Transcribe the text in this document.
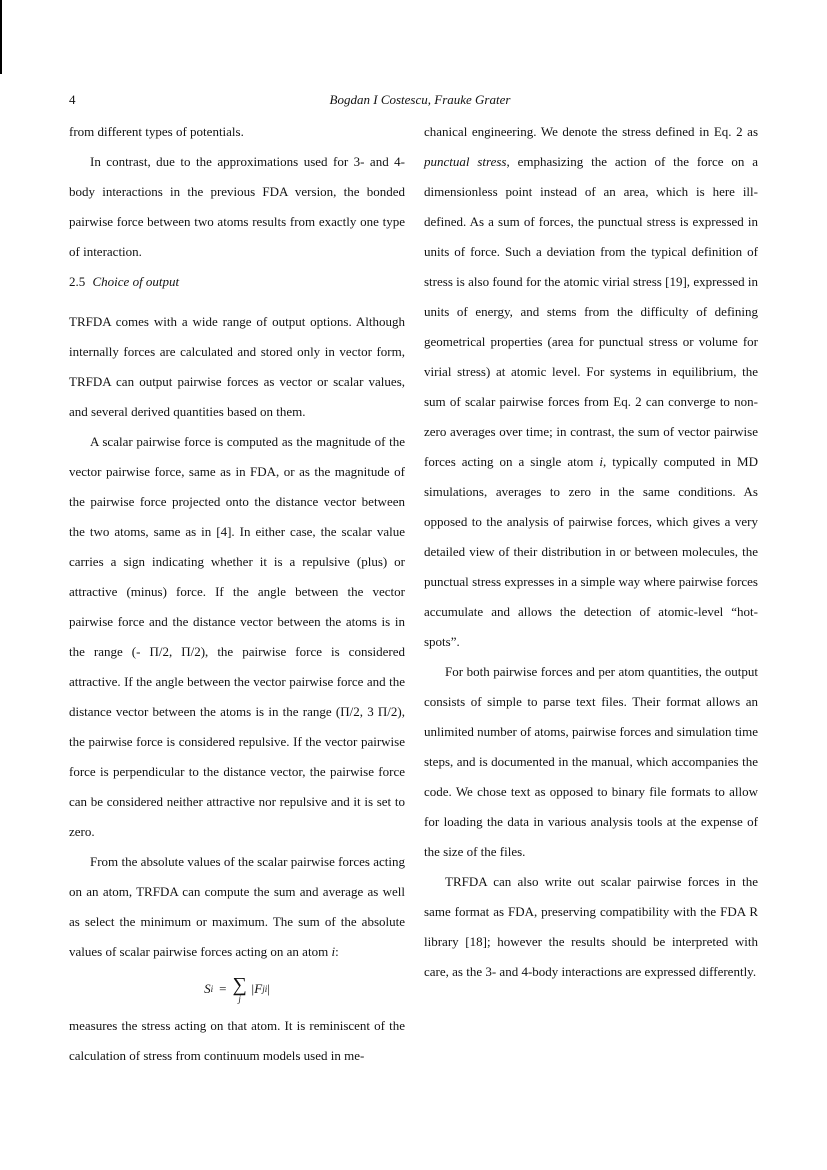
4	Bogdan I Costescu, Frauke Grater

from different types of potentials.

In contrast, due to the approximations used for 3- and 4-body interactions in the previous FDA version, the bonded pairwise force between two atoms results from exactly one type of interaction.

2.5 Choice of output

TRFDA comes with a wide range of output options. Although internally forces are calculated and stored only in vector form, TRFDA can output pairwise forces as vector or scalar values, and several derived quantities based on them.

A scalar pairwise force is computed as the magnitude of the vector pairwise force, same as in FDA, or as the magnitude of the pairwise force projected onto the distance vector between the two atoms, same as in [4]. In either case, the scalar value carries a sign indicating whether it is a repulsive (plus) or attractive (minus) force. If the angle between the vector pairwise force and the distance vector between the atoms is in the range (- Π/2, Π/2), the pairwise force is considered attractive. If the angle between the vector pairwise force and the distance vector between the atoms is in the range (Π/2, 3 Π/2), the pairwise force is considered repulsive. If the vector pairwise force is perpendicular to the distance vector, the pairwise force can be considered neither attractive nor repulsive and it is set to zero.

From the absolute values of the scalar pairwise forces acting on an atom, TRFDA can compute the sum and average as well as select the minimum or maximum. The sum of the absolute values of scalar pairwise forces acting on an atom i:

S i = ∑
j
|F ji |

measures the stress acting on that atom. It is reminiscent of the calculation of stress from continuum models used in me-

chanical engineering. We denote the stress defined in Eq. 2 as punctual stress, emphasizing the action of the force on a dimensionless point instead of an area, which is here ill-defined. As a sum of forces, the punctual stress is expressed in units of force. Such a deviation from the typical definition of stress is also found for the atomic virial stress [19], expressed in units of energy, and stems from the difficulty of defining geometrical properties (area for punctual stress or volume for virial stress) at atomic level. For systems in equilibrium, the sum of scalar pairwise forces from Eq. 2 can converge to non-zero averages over time; in contrast, the sum of vector pairwise forces acting on a single atom i, typically computed in MD simulations, averages to zero in the same conditions. As opposed to the analysis of pairwise forces, which gives a very detailed view of their distribution in or between molecules, the punctual stress expresses in a simple way where pairwise forces accumulate and allows the detection of atomic-level “hot-spots”.

For both pairwise forces and per atom quantities, the output consists of simple to parse text files. Their format allows an unlimited number of atoms, pairwise forces and simulation time steps, and is documented in the manual, which accompanies the code. We chose text as opposed to binary file formats to allow for loading the data in various analysis tools at the expense of the size of the files.

TRFDA can also write out scalar pairwise forces in the same format as FDA, preserving compatibility with the FDA R library [18]; however the results should be interpreted with care, as the 3- and 4-body interactions are expressed differently.
